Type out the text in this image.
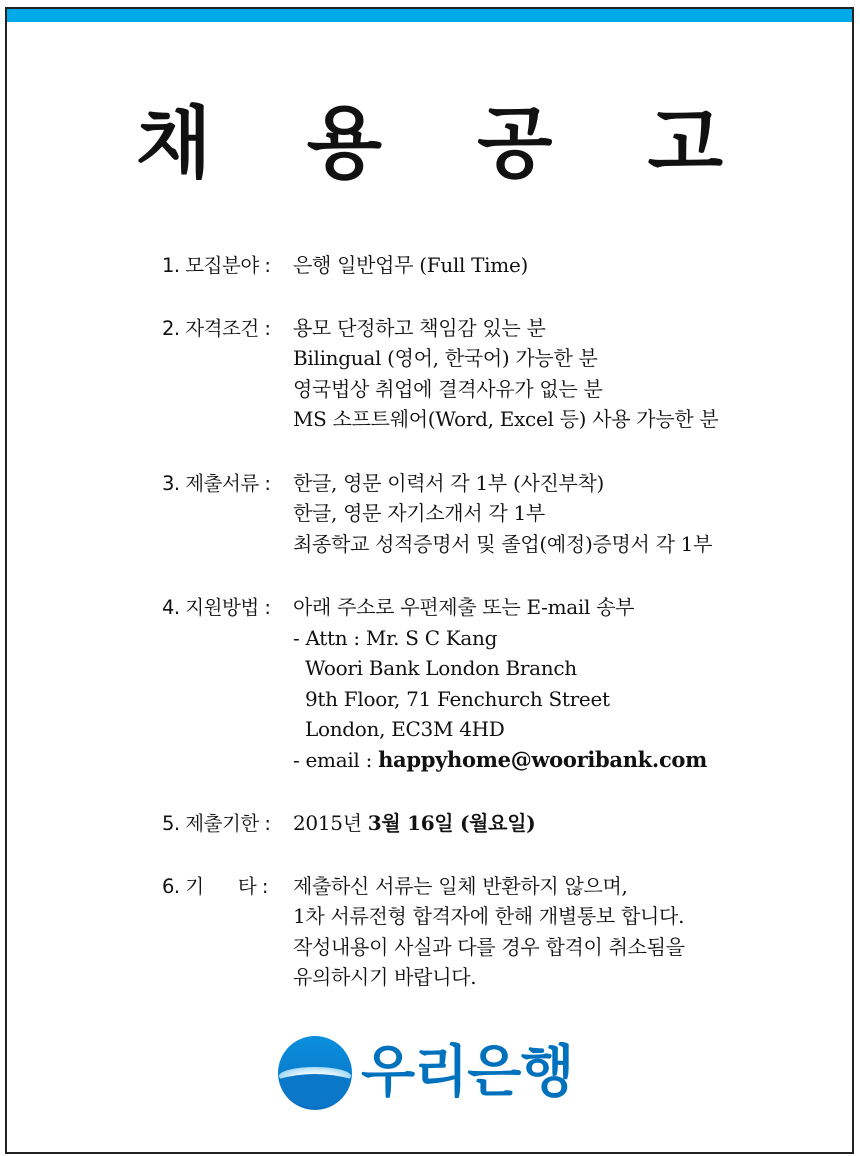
채 용 공 고
1. 모집분야 :	은행 일반업무 (Full Time)
2. 자격조건 :	용모 단정하고 책임감 있는 분
Bilingual (영어, 한국어) 가능한 분
영국법상 취업에 결격사유가 없는 분
MS 소프트웨어(Word, Excel 등) 사용 가능한 분
3. 제출서류 :	한글, 영문 이력서 각 1부 (사진부착)
한글, 영문 자기소개서 각 1부
최종학교 성적증명서 및 졸업(예정)증명서 각 1부
4. 지원방법 :	아래 주소로 우편제출 또는 E-mail 송부
- Attn : Mr. S C Kang
Woori Bank London Branch
9th Floor, 71 Fenchurch Street
London, EC3M 4HD
- email : happyhome@wooribank.com
5. 제출기한 :	2015년 3월 16일 (월요일)
6. 기      타 :	제출하신 서류는 일체 반환하지 않으며,
1차 서류전형 합격자에 한해 개별통보 합니다.
작성내용이 사실과 다를 경우 합격이 취소됨을
유의하시기 바랍니다.
우리은행
